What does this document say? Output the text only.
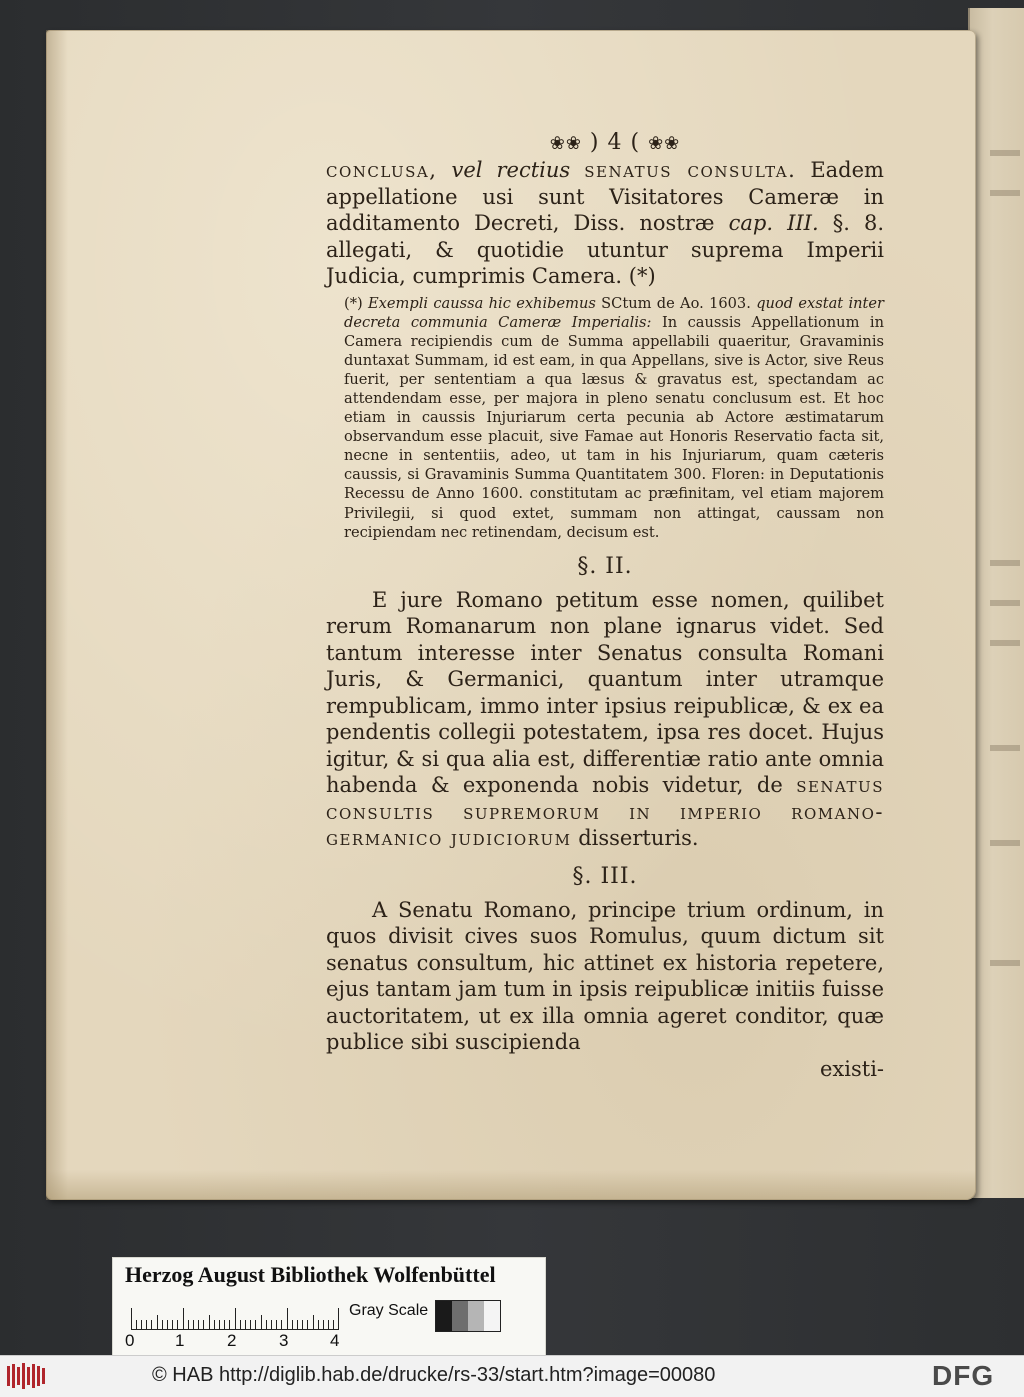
❀❀ ) 4 ( ❀❀

conclusa, vel rectius senatus consulta. Eadem appellatione usi sunt Visitatores Cameræ in additamento Decreti, Diss. nostræ cap. III. §. 8. allegati, & quotidie utuntur suprema Imperii Judicia, cumprimis Camera. (*)

(*) Exempli caussa hic exhibemus SCtum de Ao. 1603. quod exstat inter decreta communia Cameræ Imperialis: In caussis Appellationum in Camera recipiendis cum de Summa appellabili quaeritur, Gravaminis duntaxat Summam, id est eam, in qua Appellans, sive is Actor, sive Reus fuerit, per sententiam a qua læsus & gravatus est, spectandam ac attendendam esse, per majora in pleno senatu conclusum est. Et hoc etiam in caussis Injuriarum certa pecunia ab Actore æstimatarum observandum esse placuit, sive Famae aut Honoris Reservatio facta sit, necne in sententiis, adeo, ut tam in his Injuriarum, quam cæteris caussis, si Gravaminis Summa Quantitatem 300. Floren: in Deputationis Recessu de Anno 1600. constitutam ac præfinitam, vel etiam majorem Privilegii, si quod extet, summam non attingat, caussam non recipiendam nec retinendam, decisum est.
§. II.
E jure Romano petitum esse nomen, quilibet rerum Romanarum non plane ignarus videt. Sed tantum interesse inter Senatus consulta Romani Juris, & Germanici, quantum inter utramque rempublicam, immo inter ipsius reipublicæ, & ex ea pendentis collegii potestatem, ipsa res docet. Hujus igitur, & si qua alia est, differentiæ ratio ante omnia habenda & exponenda nobis videtur, de senatus consultis supremorum in imperio romano-germanico judiciorum disserturis.
§. III.
A Senatu Romano, principe trium ordinum, in quos divisit cives suos Romulus, quum dictum sit senatus consultum, hic attinet ex historia repetere, ejus tantam jam tum in ipsis reipublicæ initiis fuisse auctoritatem, ut ex illa omnia ageret conditor, quæ publice sibi suscipienda
existi-
Herzog August Bibliothek Wolfenbüttel
0 1	2	3 4
Gray Scale
© HAB http://diglib.hab.de/drucke/rs-33/start.htm?image=00080	DFG
